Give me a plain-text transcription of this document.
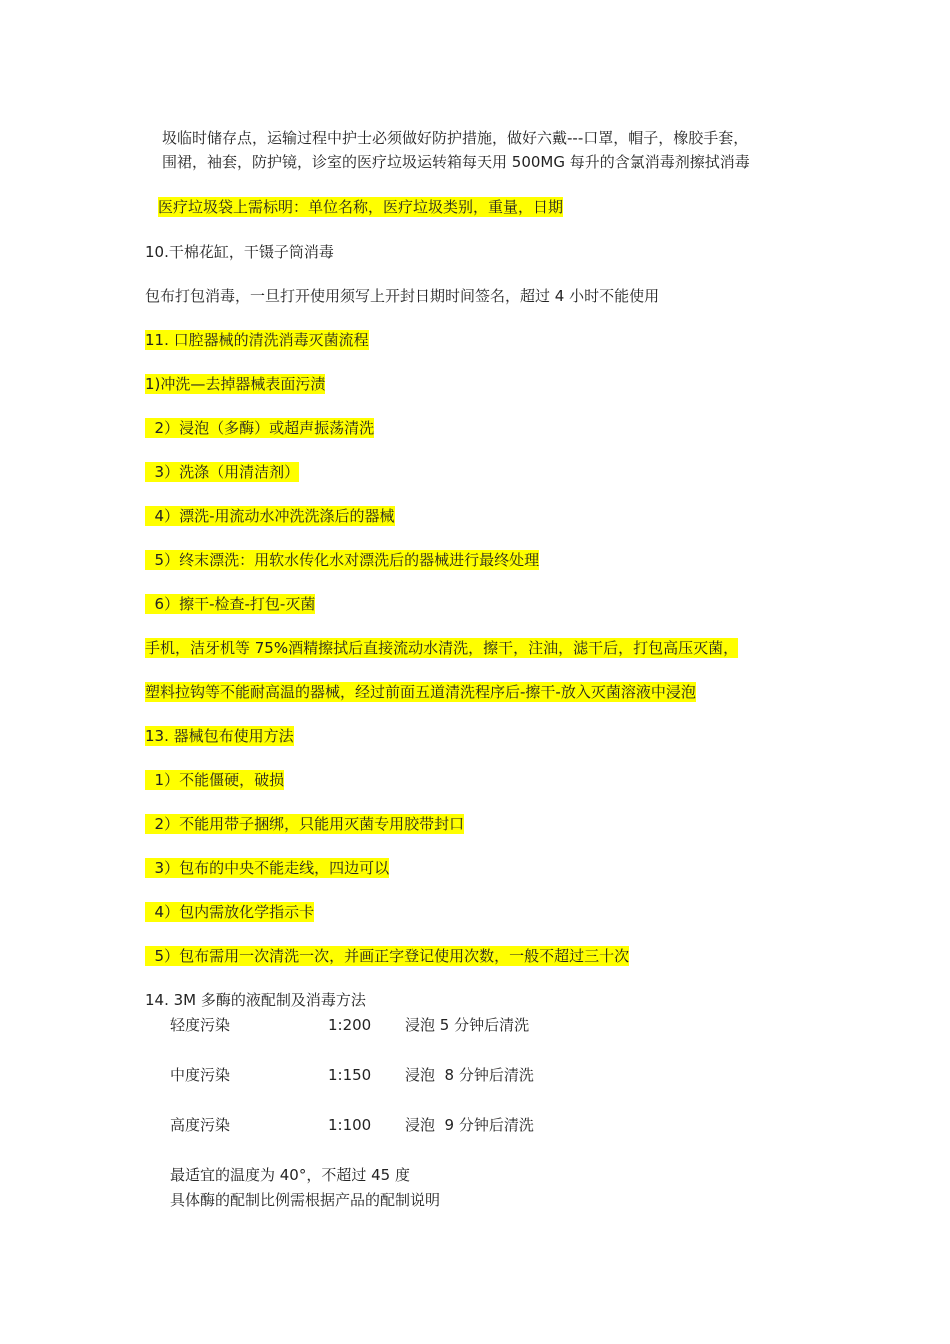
圾临时储存点，运输过程中护士必须做好防护措施，做好六戴---口罩，帽子，橡胶手套，
围裙，袖套，防护镜，诊室的医疗垃圾运转箱每天用 500MG 每升的含氯消毒剂擦拭消毒
医疗垃圾袋上需标明：单位名称，医疗垃圾类别，重量，日期
10.干棉花缸，干镊子筒消毒
包布打包消毒，一旦打开使用须写上开封日期时间签名，超过 4 小时不能使用
11. 口腔器械的清洗消毒灭菌流程
1)冲洗—去掉器械表面污渍
2）浸泡（多酶）或超声振荡清洗
3）洗涤（用清洁剂）
4）漂洗-用流动水冲洗洗涤后的器械
5）终末漂洗：用软水传化水对漂洗后的器械进行最终处理
6）擦干-检查-打包-灭菌
手机，洁牙机等 75%酒精擦拭后直接流动水清洗，擦干，注油，滤干后，打包高压灭菌，
塑料拉钩等不能耐高温的器械，经过前面五道清洗程序后-擦干-放入灭菌溶液中浸泡
13. 器械包布使用方法
1）不能僵硬，破损
2）不能用带子捆绑，只能用灭菌专用胶带封口
3）包布的中央不能走线，四边可以
4）包内需放化学指示卡
5）包布需用一次清洗一次，并画正字登记使用次数，一般不超过三十次
14. 3M 多酶的液配制及消毒方法
轻度污染	1:200 浸泡 5 分钟后清洗
中度污染	1:150 浸泡  8 分钟后清洗
高度污染	1:100 浸泡  9 分钟后清洗
最适宜的温度为 40°，不超过 45 度
具体酶的配制比例需根据产品的配制说明
